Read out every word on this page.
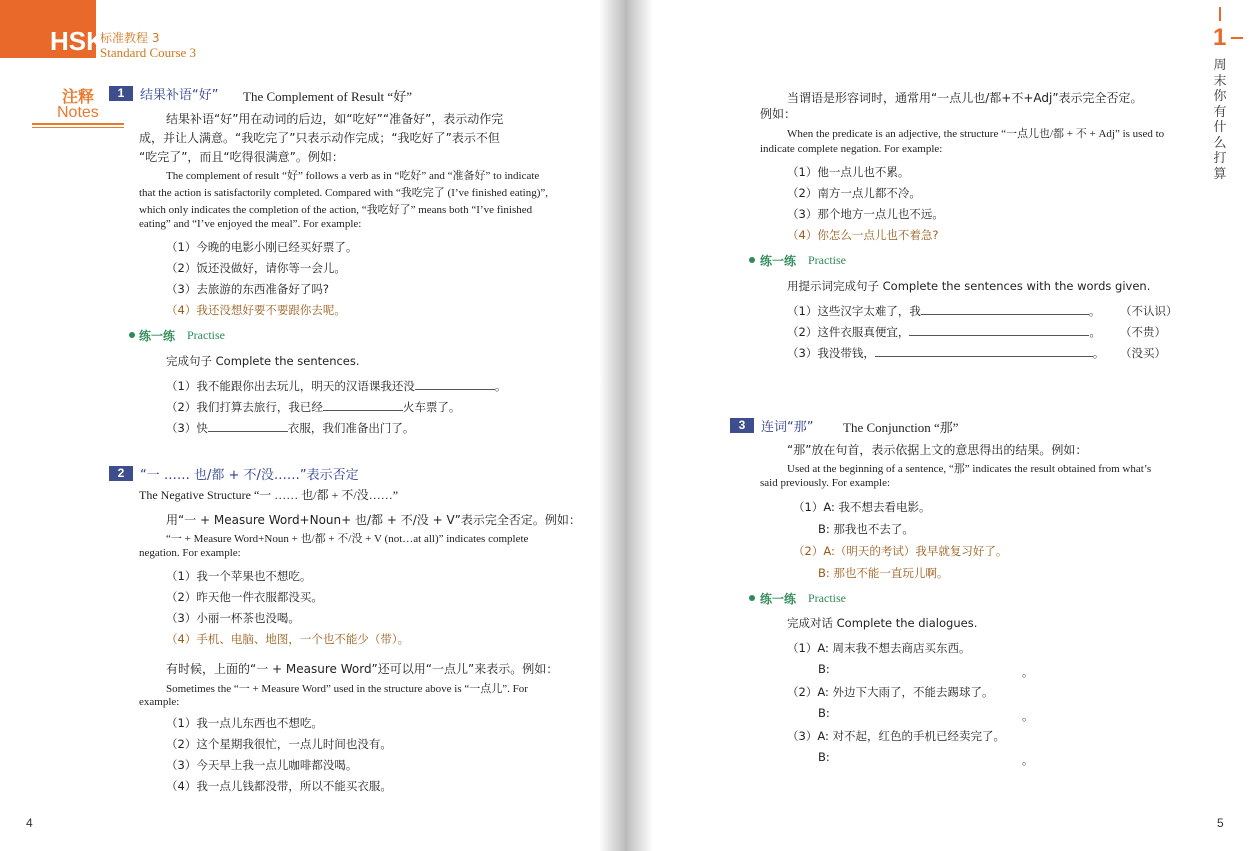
HSK
标准教程 3
Standard Course 3
注释
Notes
1	结果补语“好” The Complement of Result “好”
结果补语“好”用在动词的后边，如“吃好”“准备好”，表示动作完
成，并让人满意。“我吃完了”只表示动作完成；“我吃好了”表示不但
“吃完了”，而且“吃得很满意”。例如：
The complement of result “好” follows a verb as in “吃好” and “准备好” to indicate
that the action is satisfactorily completed. Compared with “我吃完了 (I’ve finished eating)”,
which only indicates the completion of the action, “我吃好了” means both “I’ve finished
eating” and “I’ve enjoyed the meal”. For example:
（1）今晚的电影小刚已经买好票了。
（2）饭还没做好，请你等一会儿。
（3）去旅游的东西准备好了吗?
（4）我还没想好要不要跟你去呢。
练一练 Practise
完成句子 Complete the sentences.
（1）我不能跟你出去玩儿，明天的汉语课我还没	。
（2）我们打算去旅行，我已经	火车票了。
（3）快	衣服，我们准备出门了。
2	“一 …… 也/都 + 不/没……”表示否定
The Negative Structure “一 …… 也/都 + 不/没……”
用“一 + Measure Word+Noun+ 也/都 + 不/没 + V”表示完全否定。例如：
“一 + Measure Word+Noun + 也/都 + 不/没 + V (not…at all)” indicates complete
negation. For example:
（1）我一个苹果也不想吃。
（2）昨天他一件衣服都没买。
（3）小丽一杯茶也没喝。
（4）手机、电脑、地图，一个也不能少（带）。
有时候，上面的“一 + Measure Word”还可以用“一点儿”来表示。例如：
Sometimes the “一 + Measure Word” used in the structure above is “一点儿”. For
example:
（1）我一点儿东西也不想吃。
（2）这个星期我很忙，一点儿时间也没有。
（3）今天早上我一点儿咖啡都没喝。
（4）我一点儿钱都没带，所以不能买衣服。
4
1
周末你有什么打算
当谓语是形容词时，通常用“一点儿也/都+不+Adj”表示完全否定。
例如：
When the predicate is an adjective, the structure “一点儿也/都 + 不 + Adj” is used to
indicate complete negation. For example:
（1）他一点儿也不累。
（2）南方一点儿都不冷。
（3）那个地方一点儿也不远。
（4）你怎么一点儿也不着急?
练一练 Practise
用提示词完成句子 Complete the sentences with the words given.
（1）这些汉字太难了，我	。 （不认识）
（2）这件衣服真便宜，	。 （不贵）
（3）我没带钱，	。 （没买）
3	连词“那” The Conjunction “那”
“那”放在句首，表示依据上文的意思得出的结果。例如：
Used at the beginning of a sentence, “那” indicates the result obtained from what’s
said previously. For example:
（1）A: 我不想去看电影。
B: 那我也不去了。
（2）A:（明天的考试）我早就复习好了。
B: 那也不能一直玩儿啊。
练一练 Practise
完成对话 Complete the dialogues.
（1）A: 周末我不想去商店买东西。
B:	。
（2）A: 外边下大雨了，不能去踢球了。
B:	。
（3）A: 对不起，红色的手机已经卖完了。
B:	。
5
